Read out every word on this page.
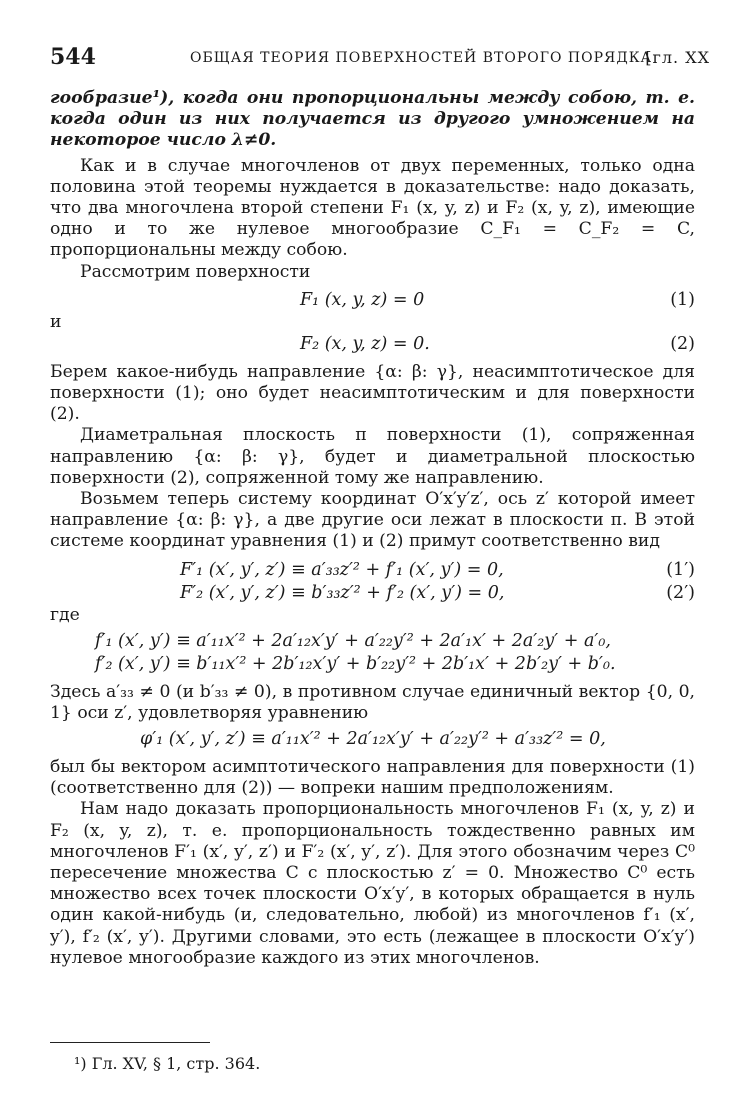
544	ОБЩАЯ ТЕОРИЯ ПОВЕРХНОСТЕЙ ВТОРОГО ПОРЯДКА
[гл. XX

гообразие¹), когда они пропорциональны между собою, т. е. когда один из них получается из другого умножением на некоторое число λ≠0.

Как и в случае многочленов от двух переменных, только одна половина этой теоремы нуждается в доказательстве: надо доказать, что два многочлена второй степени F₁ (x, y, z) и F₂ (x, y, z), имеющие одно и то же нулевое многообразие C_F₁ = C_F₂ = C, пропорциональны между собою.

Рассмотрим поверхности

F₁ (x, y, z) = 0	(1)

и

F₂ (x, y, z) = 0.	(2)

Берем какое-нибудь направление {α: β: γ}, неасимптотическое для поверхности (1); оно будет неасимптотическим и для поверхности (2).

Диаметральная плоскость π поверхности (1), сопряженная направлению {α: β: γ}, будет и диаметральной плоскостью поверхности (2), сопряженной тому же направлению.

Возьмем теперь систему координат O′x′y′z′, ось z′ которой имеет направление {α: β: γ}, а две другие оси лежат в плоскости π. В этой системе координат уравнения (1) и (2) примут соответственно вид

F′₁ (x′, y′, z′) ≡ a′₃₃z′² + f′₁ (x′, y′) = 0,	(1′)
F′₂ (x′, y′, z′) ≡ b′₃₃z′² + f′₂ (x′, y′) = 0,	(2′)

где

f′₁ (x′, y′) ≡ a′₁₁x′² + 2a′₁₂x′y′ + a′₂₂y′² + 2a′₁x′ + 2a′₂y′ + a′₀,
f′₂ (x′, y′) ≡ b′₁₁x′² + 2b′₁₂x′y′ + b′₂₂y′² + 2b′₁x′ + 2b′₂y′ + b′₀.

Здесь a′₃₃ ≠ 0 (и b′₃₃ ≠ 0), в противном случае единичный вектор {0, 0, 1} оси z′, удовлетворяя уравнению

φ′₁ (x′, y′, z′) ≡ a′₁₁x′² + 2a′₁₂x′y′ + a′₂₂y′² + a′₃₃z′² = 0,

был бы вектором асимптотического направления для поверхности (1) (соответственно для (2)) — вопреки нашим предположениям.

Нам надо доказать пропорциональность многочленов F₁ (x, y, z) и F₂ (x, y, z), т. е. пропорциональность тождественно равных им многочленов F′₁ (x′, y′, z′) и F′₂ (x′, y′, z′). Для этого обозначим через C⁰ пересечение множества C с плоскостью z′ = 0. Множество C⁰ есть множество всех точек плоскости O′x′y′, в которых обращается в нуль один какой-нибудь (и, следовательно, любой) из многочленов f′₁ (x′, y′), f′₂ (x′, y′). Другими словами, это есть (лежащее в плоскости O′x′y′) нулевое многообразие каждого из этих многочленов.

¹) Гл. XV, § 1, стр. 364.
